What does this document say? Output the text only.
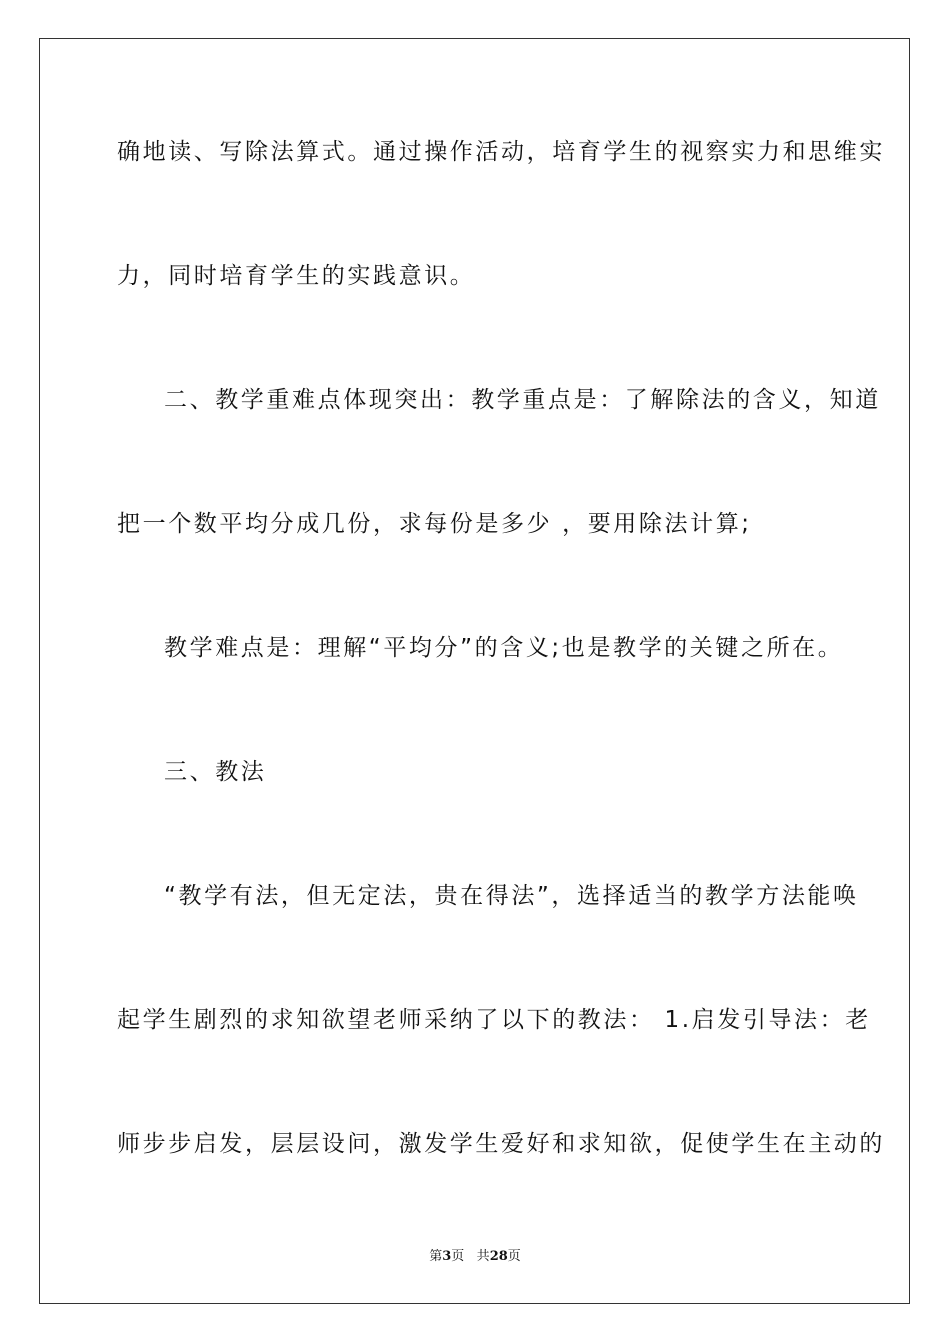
确地读、写除法算式。通过操作活动，培育学生的视察实力和思维实
力，同时培育学生的实践意识。
二、教学重难点体现突出：教学重点是：了解除法的含义，知道
把一个数平均分成几份，求每份是多少 ，要用除法计算;
教学难点是：理解“平均分”的含义;也是教学的关键之所在。
三、教法
“教学有法，但无定法，贵在得法”，选择适当的教学方法能唤
起学生剧烈的求知欲望老师采纳了以下的教法： 1.启发引导法：老
师步步启发，层层设问，激发学生爱好和求知欲，促使学生在主动的
第3页 共28页
